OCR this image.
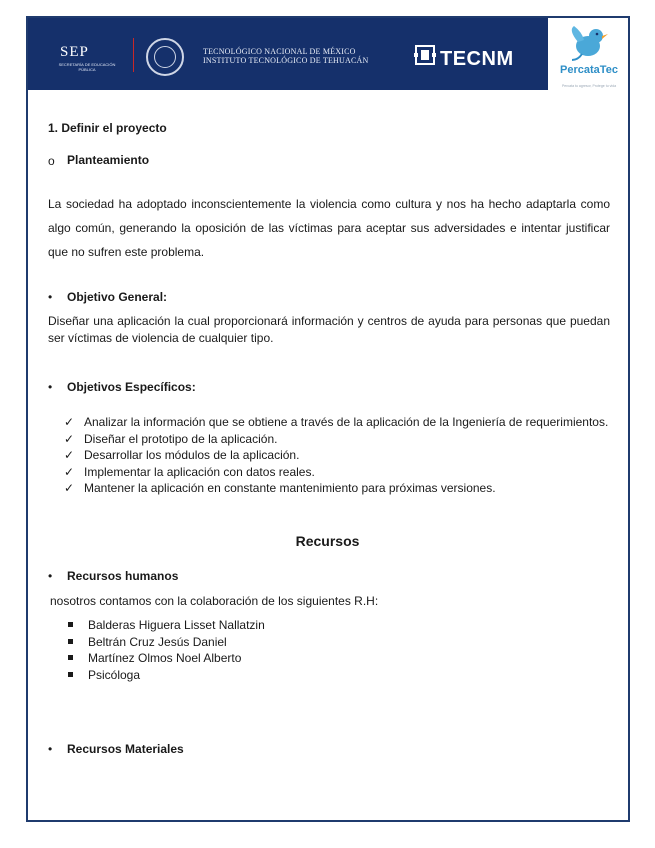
SEP
SECRETARÍA DE EDUCACIÓN PÚBLICA
TECNOLÓGICO NACIONAL DE MÉXICO
INSTITUTO TECNOLÓGICO DE TEHUACÁN	TECNM	PercataTec
Percata tu agresor, Protege tu vida
1. Definir el proyecto
o Planteamiento
La sociedad ha adoptado inconscientemente la violencia como cultura y nos ha hecho adaptarla como algo común, generando la oposición de las víctimas para aceptar sus adversidades e intentar justificar que no sufren este problema.
• Objetivo General:
Diseñar una aplicación la cual proporcionará información y centros de ayuda para personas que puedan ser víctimas de violencia de cualquier tipo.
• Objetivos Específicos:
✓ Analizar la información que se obtiene a través de la aplicación de la Ingeniería de requerimientos.
✓ Diseñar el prototipo de la aplicación.
✓ Desarrollar los módulos de la aplicación.
✓ Implementar la aplicación con datos reales.
✓ Mantener la aplicación en constante mantenimiento para próximas versiones.
Recursos
• Recursos humanos
nosotros contamos con la colaboración de los siguientes R.H:
Balderas Higuera Lisset Nallatzin
Beltrán Cruz Jesús Daniel
Martínez Olmos Noel Alberto
Psicóloga
• Recursos Materiales
